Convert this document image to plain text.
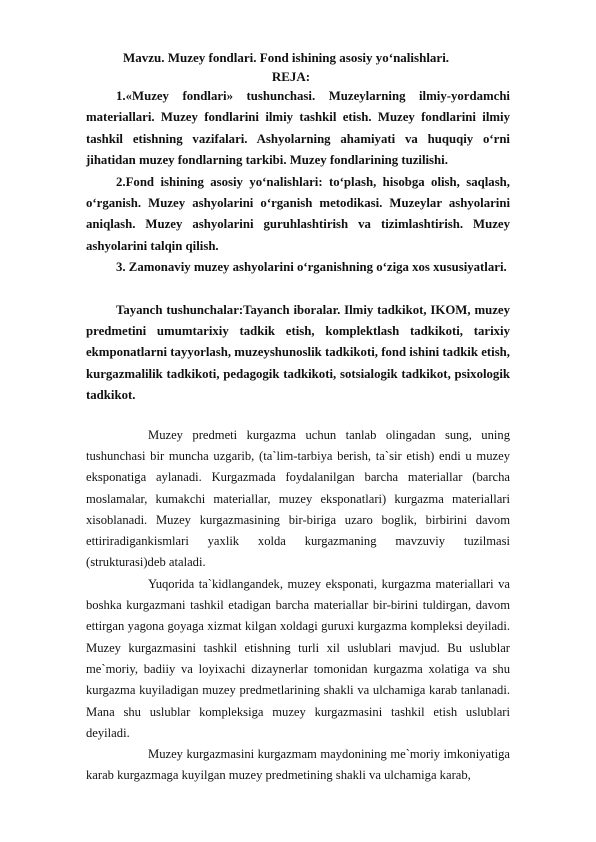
Mavzu. Muzey fondlari. Fond ishining asosiy yo‘nalishlari.

REJA:

1.«Muzey fondlari» tushunchasi. Muzeylarning ilmiy-yordamchi materiallari. Muzey fondlarini ilmiy tashkil etish. Muzey fondlarini ilmiy tashkil etishning vazifalari. Ashyolarning ahamiyati va huquqiy o‘rni jihatidan muzey fondlarning tarkibi. Muzey fondlarining tuzilishi.

2.Fond ishining asosiy yo‘nalishlari: to‘plash, hisobga olish, saqlash, o‘rganish. Muzey ashyolarini o‘rganish metodikasi. Muzeylar ashyolarini aniqlash. Muzey ashyolarini guruhlashtirish va tizimlashtirish. Muzey ashyolarini talqin qilish.

3. Zamonaviy muzey ashyolarini o‘rganishning o‘ziga xos xususiyatlari.

Tayanch tushunchalar:Tayanch iboralar. Ilmiy tadkikot, IKOM, muzey predmetini umumtarixiy tadkik etish, komplektlash tadkikoti, tarixiy ekmponatlarni tayyorlash, muzeyshunoslik tadkikoti, fond ishini tadkik etish, kurgazmalilik tadkikoti, pedagogik tadkikoti, sotsialogik tadkikot, psixologik tadkikot.

Muzey predmeti kurgazma uchun tanlab olingadan sung, uning tushunchasi bir muncha uzgarib, (ta`lim-tarbiya berish, ta`sir etish) endi u muzey eksponatiga aylanadi. Kurgazmada foydalanilgan barcha materiallar (barcha moslamalar, kumakchi materiallar, muzey eksponatlari) kurgazma materiallari xisoblanadi. Muzey kurgazmasining bir-biriga uzaro boglik, birbirini davom ettiriradigankismlari yaxlik xolda kurgazmaning mavzuviy tuzilmasi (strukturasi)deb ataladi.

Yuqorida ta`kidlangandek, muzey eksponati, kurgazma materiallari va boshka kurgazmani tashkil etadigan barcha materiallar bir-birini tuldirgan, davom ettirgan yagona goyaga xizmat kilgan xoldagi guruxi kurgazma kompleksi deyiladi. Muzey kurgazmasini tashkil etishning turli xil uslublari mavjud. Bu uslublar me`moriy, badiiy va loyixachi dizaynerlar tomonidan kurgazma xolatiga va shu kurgazma kuyiladigan muzey predmetlarining shakli va ulchamiga karab tanlanadi. Mana shu uslublar kompleksiga muzey kurgazmasini tashkil etish uslublari deyiladi.

Muzey kurgazmasini kurgazmam maydonining me`moriy imkoniyatiga karab kurgazmaga kuyilgan muzey predmetining shakli va ulchamiga karab,
